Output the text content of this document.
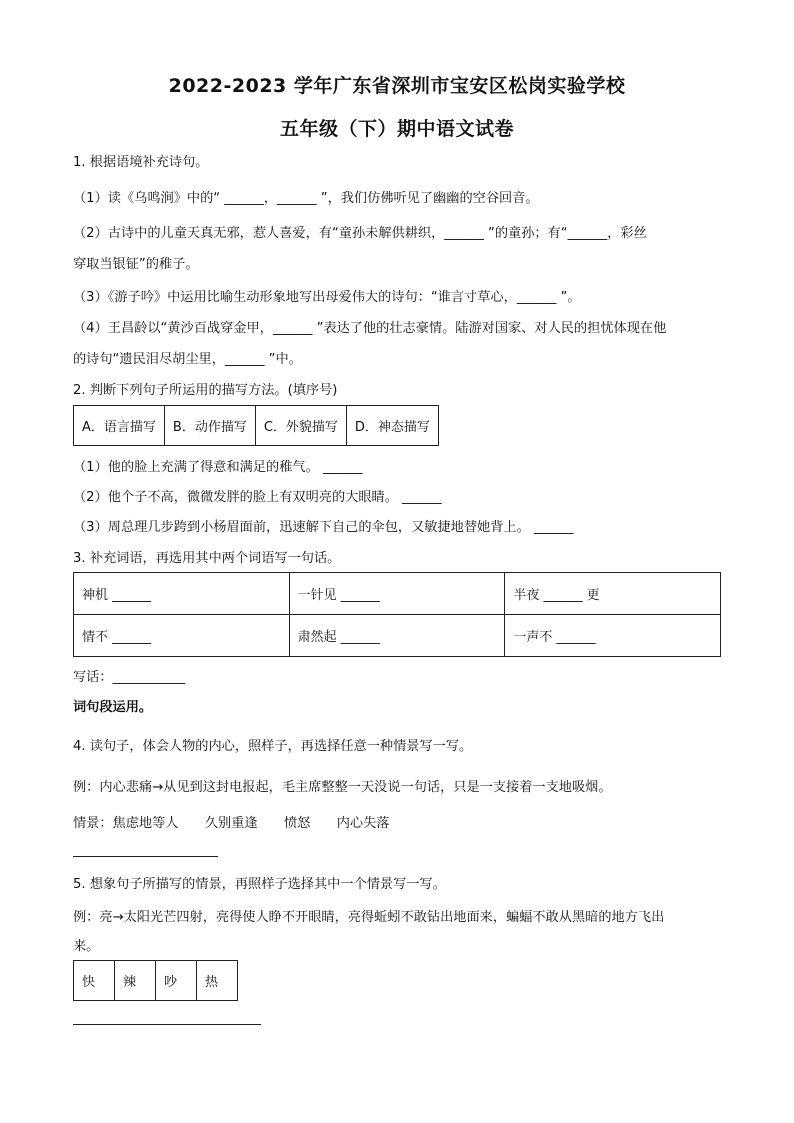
2022-2023 学年广东省深圳市宝安区松岗实验学校
五年级（下）期中语文试卷
1. 根据语境补充诗句。
（1）读《乌鸣涧》中的“ ______，______ ”，我们仿佛听见了幽幽的空谷回音。
（2）古诗中的儿童天真无邪，惹人喜爱，有“童孙未解供耕织，______ ”的童孙；有“______，彩丝
穿取当银钲”的稚子。
（3）《游子吟》中运用比喻生动形象地写出母爱伟大的诗句：“谁言寸草心，______ ”。
（4）王昌龄以“黄沙百战穿金甲，______ ”表达了他的壮志豪情。陆游对国家、对人民的担忧体现在他
的诗句“遗民泪尽胡尘里，______ ”中。
2. 判断下列句子所运用的描写方法。(填序号)
A．语言描写	B．动作描写	C．外貌描写	D．神态描写
（1）他的脸上充满了得意和满足的稚气。 ______
（2）他个子不高，微微发胖的脸上有双明亮的大眼睛。 ______
（3）周总理几步跨到小杨眉面前，迅速解下自己的伞包，又敏捷地替她背上。 ______
3. 补充词语，再选用其中两个词语写一句话。
神机 ______	一针见 ______	半夜 ______ 更
情不 ______	肃然起 ______	一声不 ______
写话：___________
词句段运用。
4. 读句子，体会人物的内心，照样子，再选择任意一种情景写一写。
例：内心悲痛→从见到这封电报起，毛主席整整一天没说一句话，只是一支接着一支地吸烟。
情景：焦虑地等人　　久别重逢　　愤怒　　内心失落
5. 想象句子所描写的情景，再照样子选择其中一个情景写一写。
例：亮→太阳光芒四射，亮得使人睁不开眼睛，亮得蚯蚓不敢钻出地面来，蝙蝠不敢从黑暗的地方飞出
来。
快	辣	吵	热
